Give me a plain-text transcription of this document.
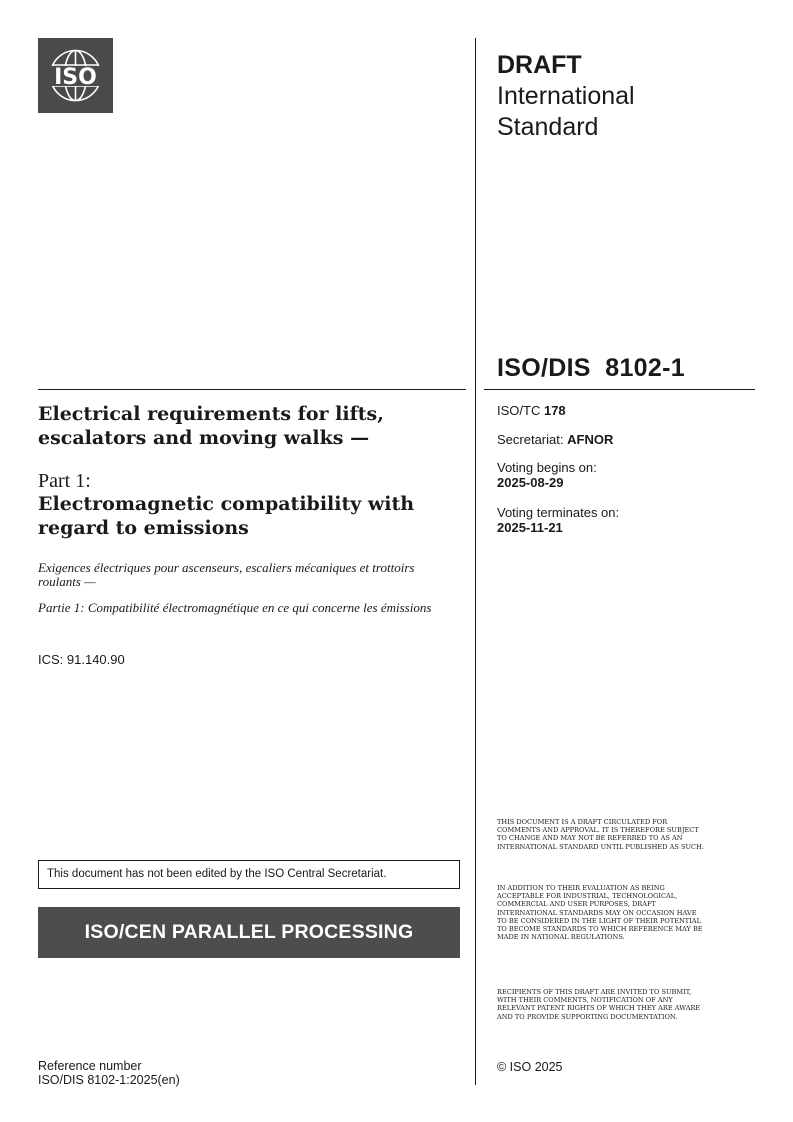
ISO	DRAFT
International
Standard
ISO/DIS  8102-1
ISO/TC 178
Secretariat: AFNOR
Voting begins on:
2025-08-29
Voting terminates on:
2025-11-21
Electrical requirements for lifts, escalators and moving walks —
Part 1:
Electromagnetic compatibility with regard to emissions
Exigences électriques pour ascenseurs, escaliers mécaniques et trottoirs roulants —
Partie 1: Compatibilité électromagnétique en ce qui concerne les émissions
ICS: 91.140.90
This document has not been edited by the ISO Central Secretariat.
ISO/CEN PARALLEL PROCESSING
Reference number
ISO/DIS 8102-1:2025(en)
THIS DOCUMENT IS A DRAFT CIRCULATED FOR COMMENTS AND APPROVAL. IT IS THEREFORE SUBJECT TO CHANGE AND MAY NOT BE REFERRED TO AS AN INTERNATIONAL STANDARD UNTIL PUBLISHED AS SUCH.
IN ADDITION TO THEIR EVALUATION AS BEING ACCEPTABLE FOR INDUSTRIAL, TECHNOLOGICAL, COMMERCIAL AND USER PURPOSES, DRAFT INTERNATIONAL STANDARDS MAY ON OCCASION HAVE TO BE CONSIDERED IN THE LIGHT OF THEIR POTENTIAL TO BECOME STANDARDS TO WHICH REFERENCE MAY BE MADE IN NATIONAL REGULATIONS.
RECIPIENTS OF THIS DRAFT ARE INVITED TO SUBMIT, WITH THEIR COMMENTS, NOTIFICATION OF ANY RELEVANT PATENT RIGHTS OF WHICH THEY ARE AWARE AND TO PROVIDE SUPPORTING DOCUMENTATION.
© ISO 2025
